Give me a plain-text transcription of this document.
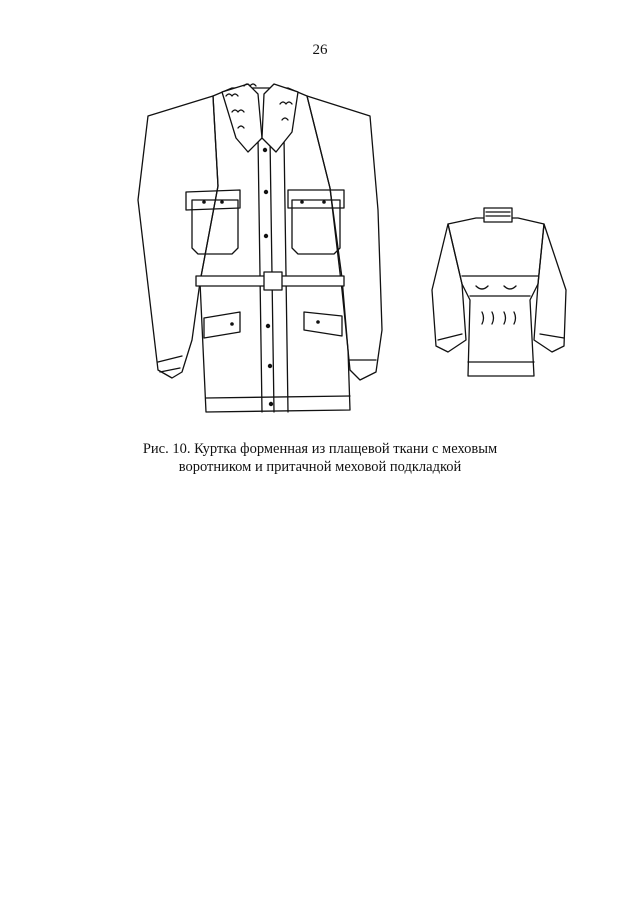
26
Рис. 10. Куртка форменная из плащевой ткани с меховым
воротником и притачной меховой подкладкой
